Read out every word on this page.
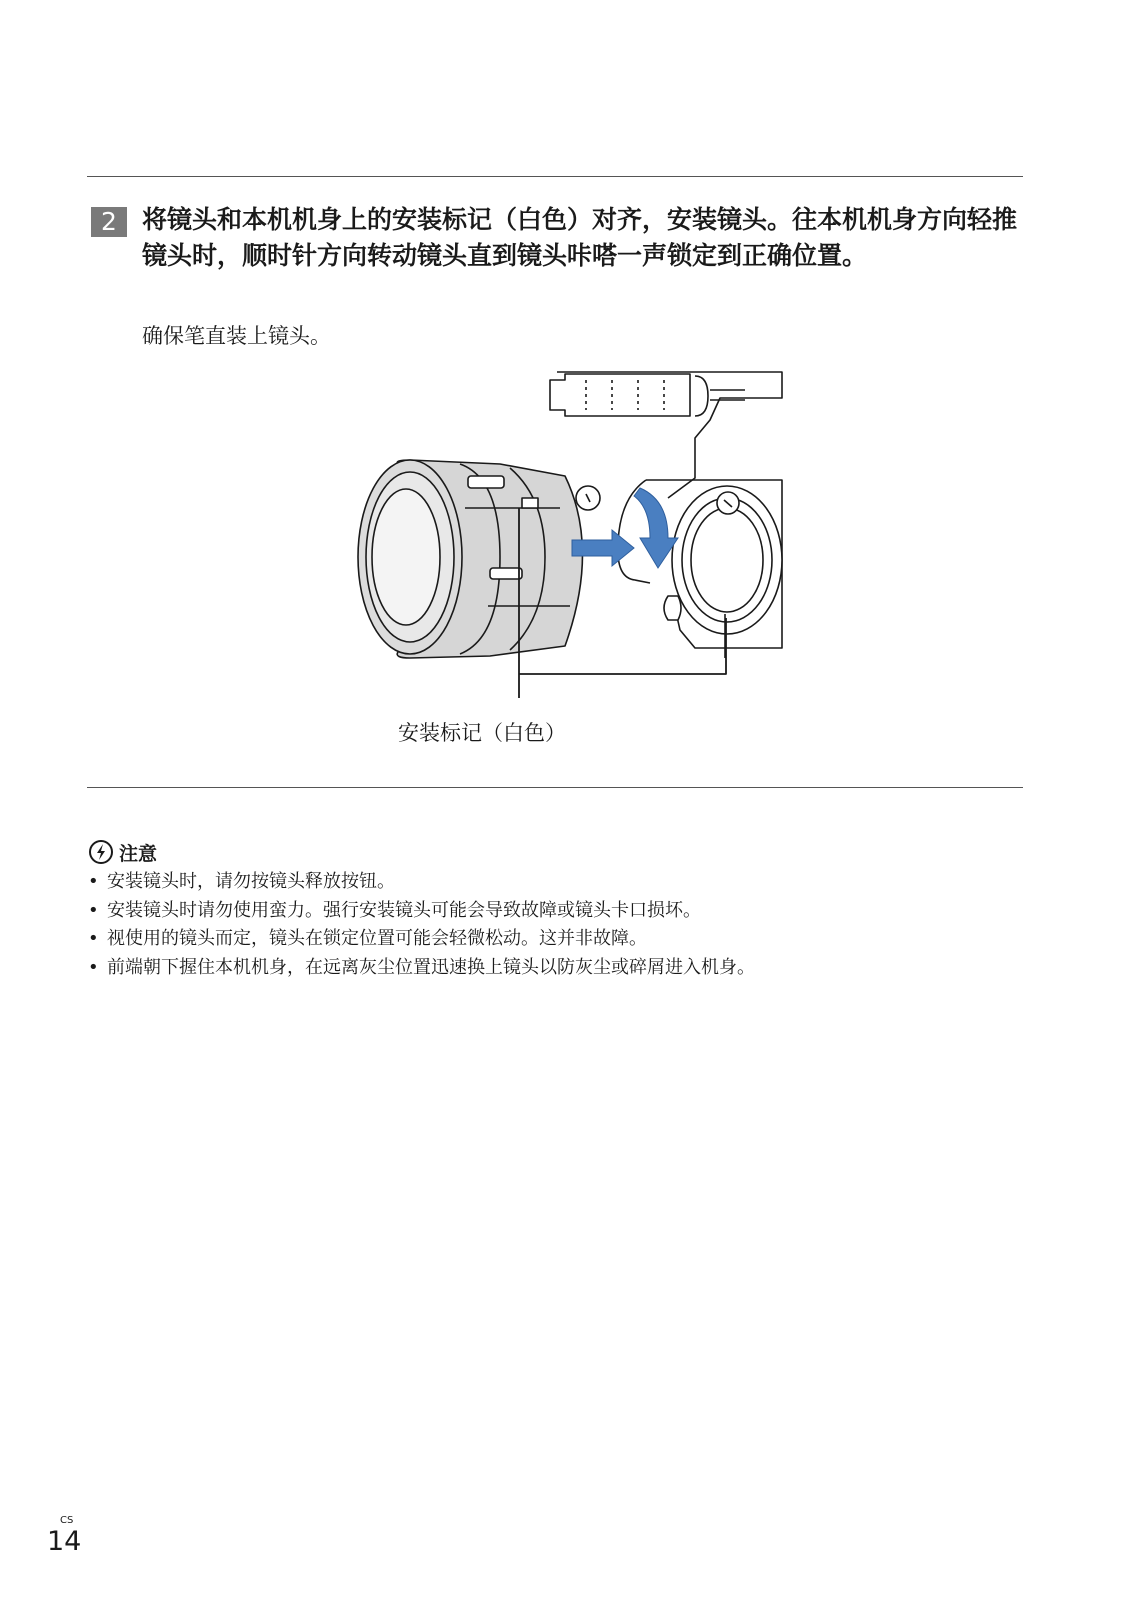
2	将镜头和本机机身上的安装标记（白色）对齐，安装镜头。往本机机身方向轻推镜头时，顺时针方向转动镜头直到镜头咔嗒一声锁定到正确位置。
确保笔直装上镜头。
安装标记（白色）
注意
• 安装镜头时，请勿按镜头释放按钮。
• 安装镜头时请勿使用蛮力。强行安装镜头可能会导致故障或镜头卡口损坏。
• 视使用的镜头而定，镜头在锁定位置可能会轻微松动。这并非故障。
• 前端朝下握住本机机身，在远离灰尘位置迅速换上镜头以防灰尘或碎屑进入机身。
CS
14
